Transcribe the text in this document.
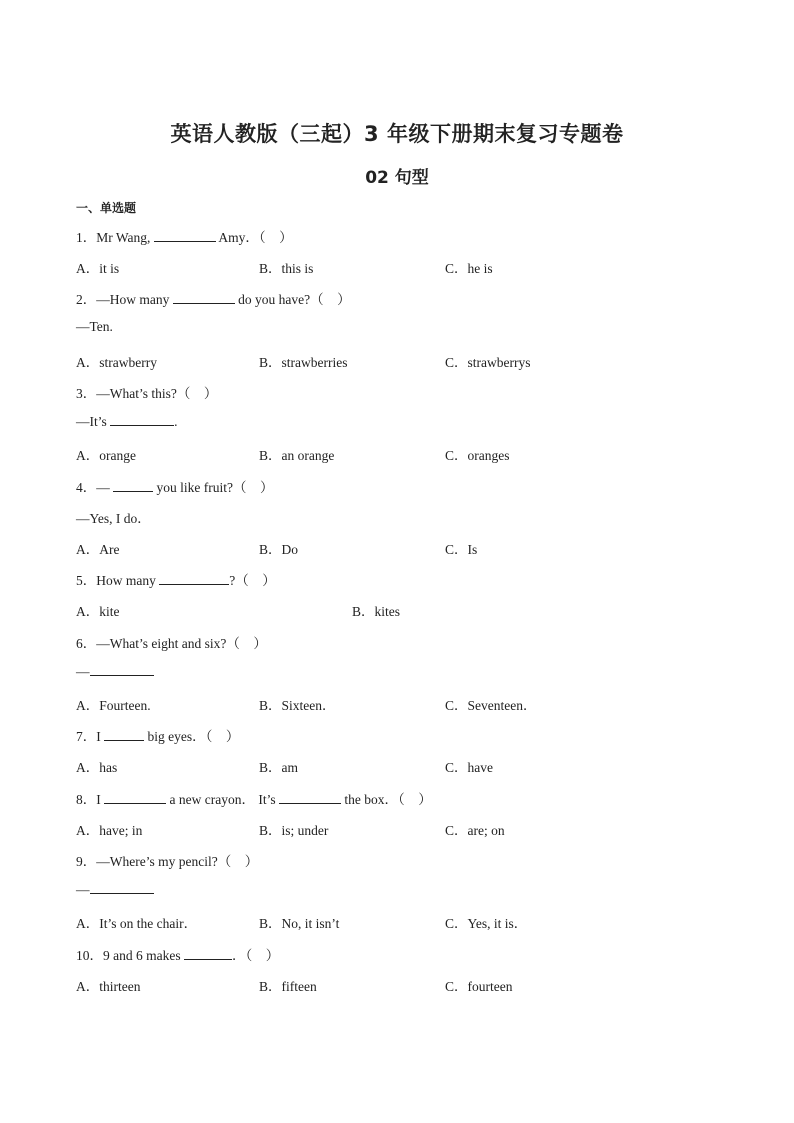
英语人教版（三起）3 年级下册期末复习专题卷
02 句型
一、单选题
1．Mr Wang,	Amy．（　）
A．it is	B．this is	C．he is
2．—How many	do you have?（　）
—Ten.
A．strawberry	B．strawberries	C．strawberrys
3．—What’s this?（　）
—It’s	.
A．orange	B．an orange	C．oranges
4．—	you like fruit?（　）
—Yes, I do．
A．Are	B．Do	C．Is
5．How many	?（　）
A．kite	B．kites
6．—What’s eight and six?（　）
—
A．Fourteen.	B．Sixteen．	C．Seventeen．
7．I	big eyes．（　）
A．has	B．am	C．have
8．I	a new crayon． It’s	the box．（　）
A．have; in	B．is; under	C．are; on
9．—Where’s my pencil?（　）
—
A．It’s on the chair．	B．No, it isn’t	C．Yes, it is．
10．9 and 6 makes	．（　）
A．thirteen	B．fifteen	C．fourteen
